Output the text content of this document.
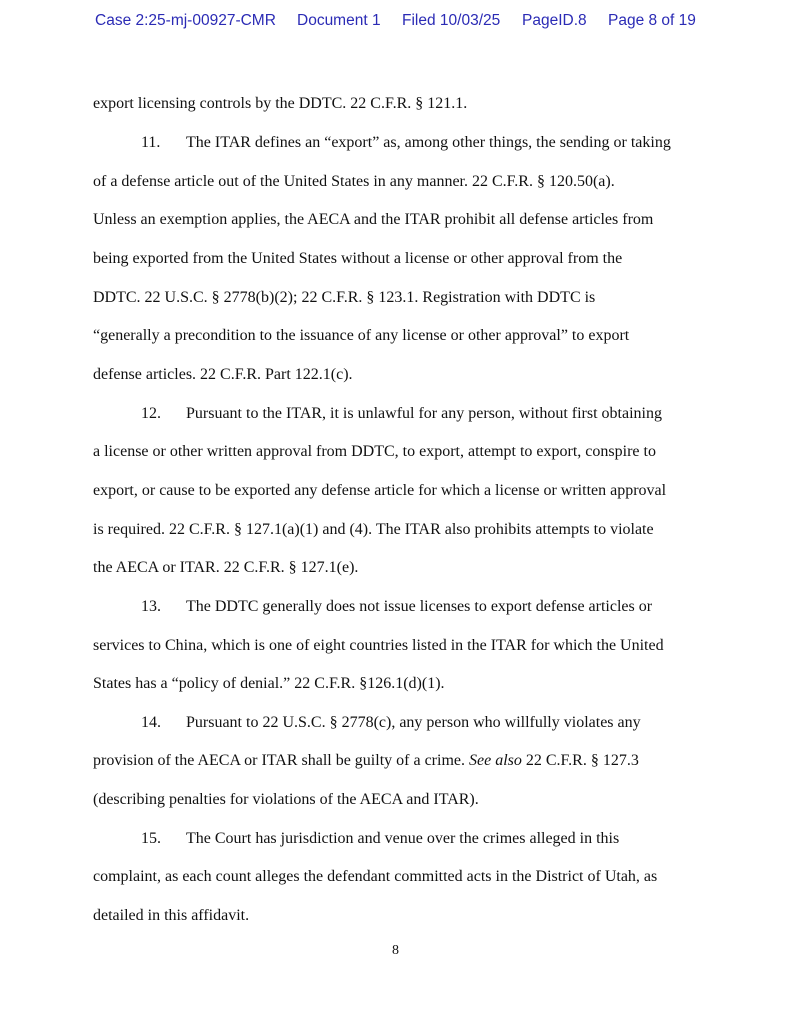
Case 2:25-mj-00927-CMR Document 1 Filed 10/03/25 PageID.8 Page 8 of 19
export licensing controls by the DDTC. 22 C.F.R. § 121.1.
11. The ITAR defines an “export” as, among other things, the sending or taking
of a defense article out of the United States in any manner. 22 C.F.R. § 120.50(a).
Unless an exemption applies, the AECA and the ITAR prohibit all defense articles from
being exported from the United States without a license or other approval from the
DDTC. 22 U.S.C. § 2778(b)(2); 22 C.F.R. § 123.1. Registration with DDTC is
“generally a precondition to the issuance of any license or other approval” to export
defense articles. 22 C.F.R. Part 122.1(c).
12. Pursuant to the ITAR, it is unlawful for any person, without first obtaining
a license or other written approval from DDTC, to export, attempt to export, conspire to
export, or cause to be exported any defense article for which a license or written approval
is required. 22 C.F.R. § 127.1(a)(1) and (4). The ITAR also prohibits attempts to violate
the AECA or ITAR. 22 C.F.R. § 127.1(e).
13. The DDTC generally does not issue licenses to export defense articles or
services to China, which is one of eight countries listed in the ITAR for which the United
States has a “policy of denial.” 22 C.F.R. §126.1(d)(1).
14. Pursuant to 22 U.S.C. § 2778(c), any person who willfully violates any
provision of the AECA or ITAR shall be guilty of a crime. See also 22 C.F.R. § 127.3
(describing penalties for violations of the AECA and ITAR).
15. The Court has jurisdiction and venue over the crimes alleged in this
complaint, as each count alleges the defendant committed acts in the District of Utah, as
detailed in this affidavit.
8
